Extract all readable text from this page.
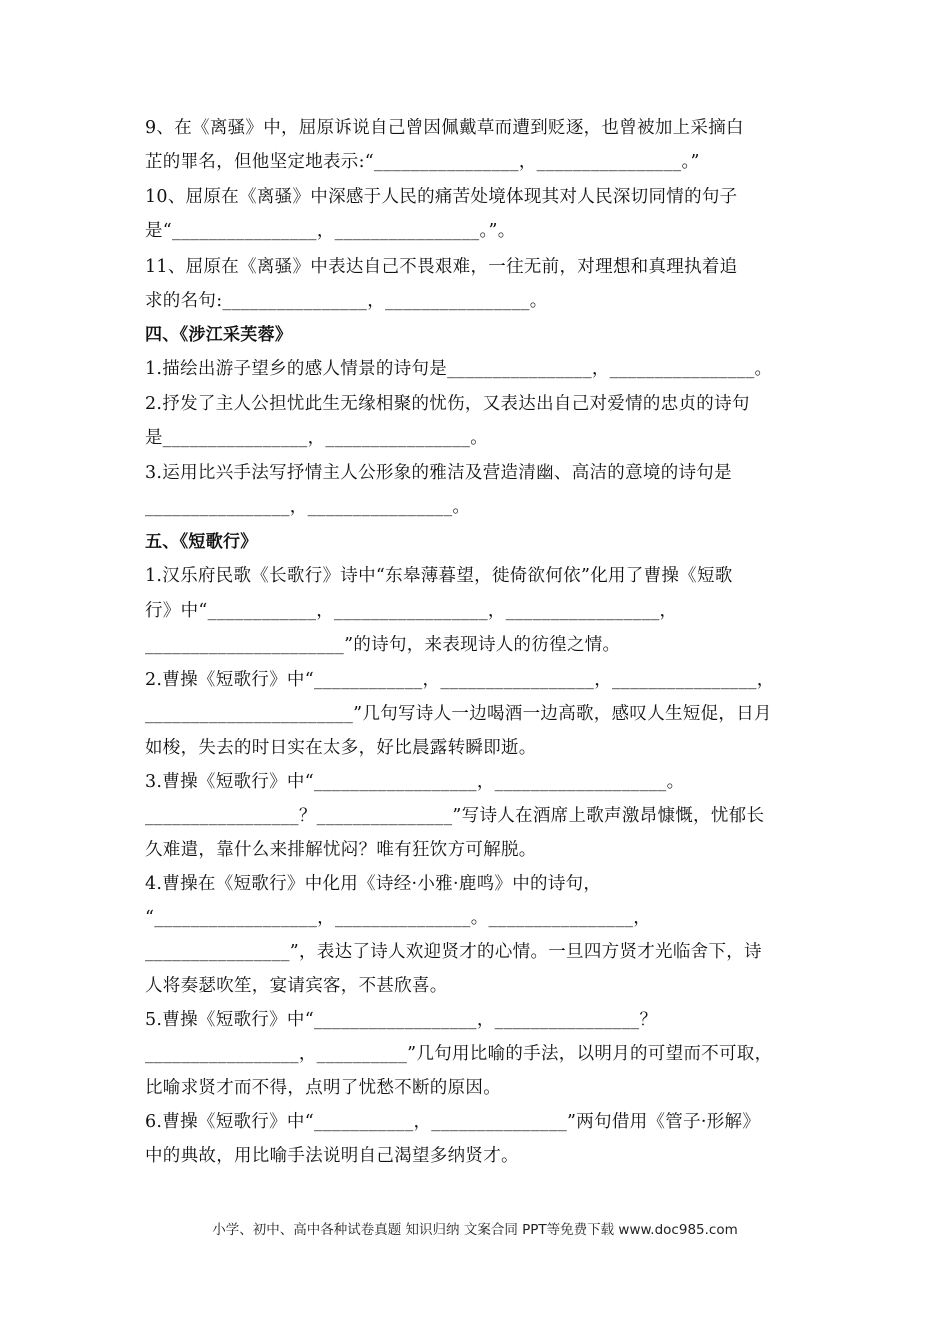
9、在《离骚》中，屈原诉说自己曾因佩戴草而遭到贬逐，也曾被加上采摘白
芷的罪名，但他坚定地表示:“________________，________________。”
10、屈原在《离骚》中深感于人民的痛苦处境体现其对人民深切同情的句子
是“________________，________________。”。
11、屈原在《离骚》中表达自己不畏艰难，一往无前，对理想和真理执着追
求的名句:________________，________________。
四、《涉江采芙蓉》
1.描绘出游子望乡的感人情景的诗句是________________，________________。
2.抒发了主人公担忧此生无缘相聚的忧伤，又表达出自己对爱情的忠贞的诗句
是________________，________________。
3.运用比兴手法写抒情主人公形象的雅洁及营造清幽、高洁的意境的诗句是
________________，________________。
五、《短歌行》
1.汉乐府民歌《长歌行》诗中“东皋薄暮望，徙倚欲何依”化用了曹操《短歌
行》中“____________，_________________，_________________，
______________________”的诗句，来表现诗人的彷徨之情。
2.曹操《短歌行》中“____________，_________________，________________，
_______________________”几句写诗人一边喝酒一边高歌，感叹人生短促，日月
如梭，失去的时日实在太多，好比晨露转瞬即逝。
3.曹操《短歌行》中“__________________，___________________。
_________________？_______________”写诗人在酒席上歌声激昂慷慨，忧郁长
久难遣，靠什么来排解忧闷？唯有狂饮方可解脱。
4.曹操在《短歌行》中化用《诗经·小雅·鹿鸣》中的诗句，
“__________________，_______________。________________，
________________”，表达了诗人欢迎贤才的心情。一旦四方贤才光临舍下，诗
人将奏瑟吹笙，宴请宾客，不甚欣喜。
5.曹操《短歌行》中“__________________，________________？
_________________，__________”几句用比喻的手法，以明月的可望而不可取，
比喻求贤才而不得，点明了忧愁不断的原因。
6.曹操《短歌行》中“___________，_______________”两句借用《管子·形解》
中的典故，用比喻手法说明自己渴望多纳贤才。
小学、初中、高中各种试卷真题 知识归纳 文案合同 PPT等免费下载 www.doc985.com
